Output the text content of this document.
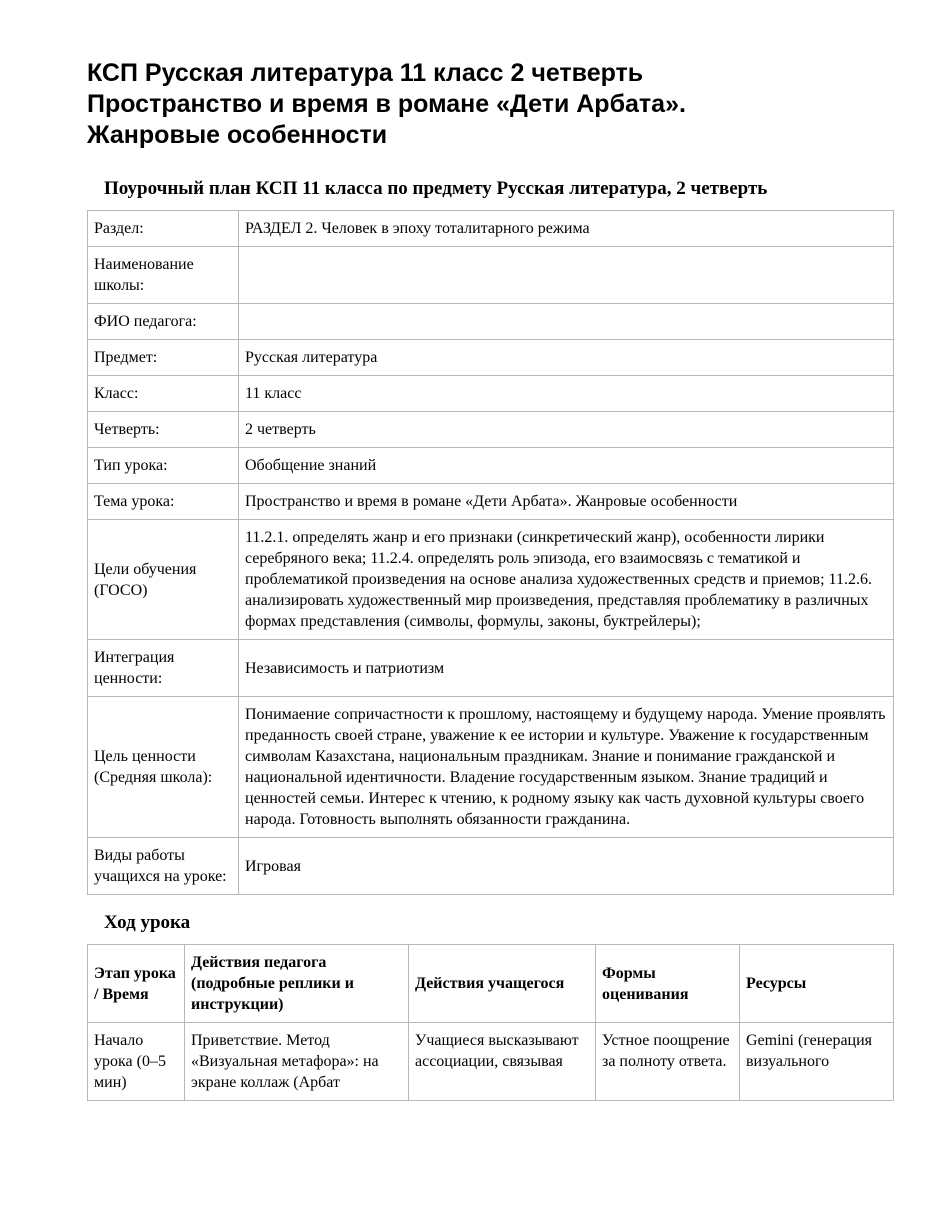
КСП Русская литература 11 класс 2 четверть
Пространство и время в романе «Дети Арбата».
Жанровые особенности
Поурочный план КСП 11 класса по предмету Русская литература, 2 четверть
Раздел:	РАЗДЕЛ 2. Человек в эпоху тоталитарного режима
Наименование школы:	
ФИО педагога:	
Предмет:	Русская литература
Класс:	11 класс
Четверть:	2 четверть
Тип урока:	Обобщение знаний
Тема урока:	Пространство и время в романе «Дети Арбата». Жанровые особенности
Цели обучения (ГОСО)	11.2.1. определять жанр и его признаки (синкретический жанр), особенности лирики серебряного века; 11.2.4. определять роль эпизода, его взаимосвязь с тематикой и проблематикой произведения на основе анализа художественных средств и приемов; 11.2.6. анализировать художественный мир произведения, представляя проблематику в различных формах представления (символы, формулы, законы, буктрейлеры);
Интеграция ценности:	Независимость и патриотизм
Цель ценности (Средняя школа):	Понимаение сопричастности к прошлому, настоящему и будущему народа. Умение проявлять преданность своей стране, уважение к ее истории и культуре. Уважение к государственным символам Казахстана, национальным праздникам. Знание и понимание гражданской и национальной идентичности. Владение государственным языком. Знание традиций и ценностей семьи. Интерес к чтению, к родному языку как часть духовной культуры своего народа. Готовность выполнять обязанности гражданина.
Виды работы учащихся на уроке:	Игровая
Ход урока
Этап урока / Время	Действия педагога (подробные реплики и инструкции)	Действия учащегося	Формы оценивания	Ресурсы
Начало урока (0–5 мин)	Приветствие. Метод «Визуальная метафора»: на экране коллаж (Арбат	Учащиеся высказывают ассоциации, связывая	Устное поощрение за полноту ответа.	Gemini (генерация визуального
